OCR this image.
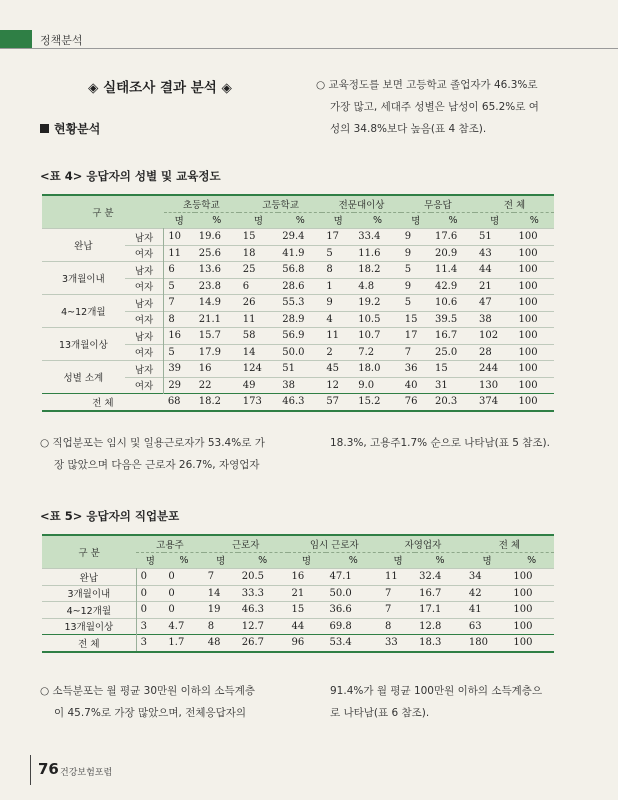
정책분석
◈ 실태조사 결과 분석 ◈
현황분석
○ 교육정도를 보면 고등학교 졸업자가 46.3%로
가장 많고, 세대주 성별은 남성이 65.2%로 여
성의 34.8%보다 높음(표 4 참조).
<표 4> 응답자의 성별 및 교육정도
구 분		초등학교		고등학교		전문대이상		무응답		전 체	
		명	%	명	%	명	%	명	%	명	%
완납	남자	10	19.6	15	29.4	17	33.4	9	17.6	51	100
	여자	11	25.6	18	41.9	5	11.6	9	20.9	43	100
3개월이내	남자	6	13.6	25	56.8	8	18.2	5	11.4	44	100
	여자	5	23.8	6	28.6	1	4.8	9	42.9	21	100
4~12개월	남자	7	14.9	26	55.3	9	19.2	5	10.6	47	100
	여자	8	21.1	11	28.9	4	10.5	15	39.5	38	100
13개월이상	남자	16	15.7	58	56.9	11	10.7	17	16.7	102	100
	여자	5	17.9	14	50.0	2	7.2	7	25.0	28	100
성별 소계	남자	39	16	124	51	45	18.0	36	15	244	100
	여자	29	22	49	38	12	9.0	40	31	130	100
전 체		68	18.2	173	46.3	57	15.2	76	20.3	374	100
○ 직업분포는 임시 및 일용근로자가 53.4%로 가
장 많았으며 다음은 근로자 26.7%, 자영업자
18.3%, 고용주1.7% 순으로 나타남(표 5 참조).
<표 5> 응답자의 직업분포
구 분	고용주		근로자		임시 근로자		자영업자		전 체	
	명	%	명	%	명	%	명	%	명	%
완납	0	0	7	20.5	16	47.1	11	32.4	34	100
3개월이내	0	0	14	33.3	21	50.0	7	16.7	42	100
4~12개월	0	0	19	46.3	15	36.6	7	17.1	41	100
13개월이상	3	4.7	8	12.7	44	69.8	8	12.8	63	100
전 체	3	1.7	48	26.7	96	53.4	33	18.3	180	100
○ 소득분포는 월 평균 30만원 이하의 소득계층
이 45.7%로 가장 많았으며, 전체응답자의
91.4%가 월 평균 100만원 이하의 소득계층으
로 나타남(표 6 참조).
76 건강보험포럼
